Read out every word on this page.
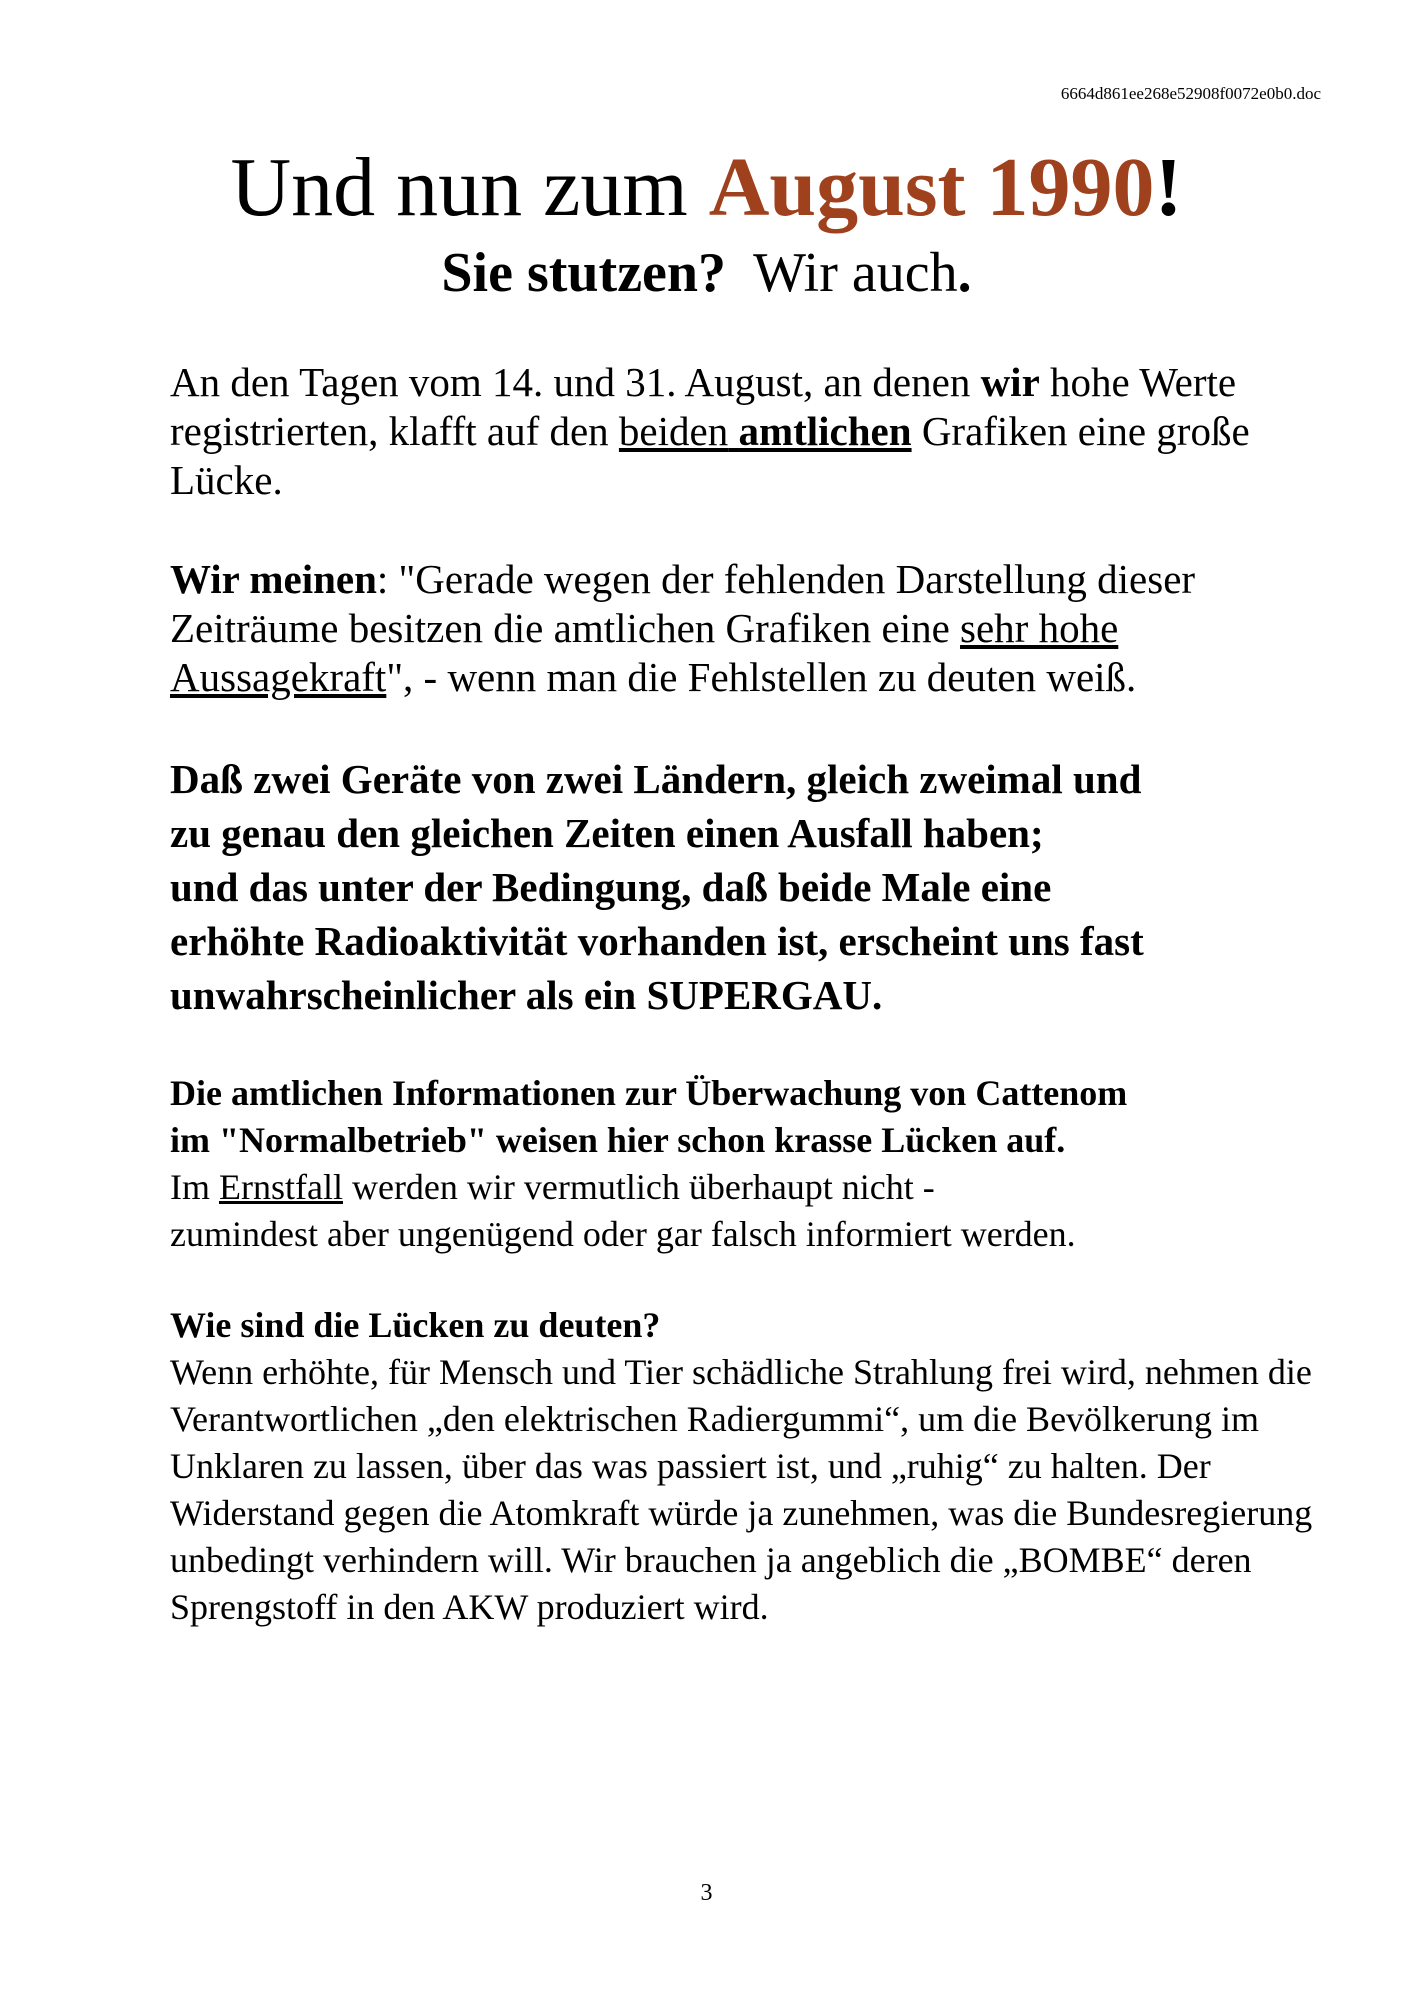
6664d861ee268e52908f0072e0b0.doc
Und nun zum August 1990!
Sie stutzen? Wir auch.

An den Tagen vom 14. und 31. August, an denen wir hohe Werte registrierten, klafft auf den beiden amtlichen Grafiken eine große Lücke.

Wir meinen: "Gerade wegen der fehlenden Darstellung dieser Zeiträume besitzen die amtlichen Grafiken eine sehr hohe Aussagekraft", - wenn man die Fehlstellen zu deuten weiß.

Daß zwei Geräte von zwei Ländern, gleich zweimal und
zu genau den gleichen Zeiten einen Ausfall haben;
und das unter der Bedingung, daß beide Male eine
erhöhte Radioaktivität vorhanden ist, erscheint uns fast
unwahrscheinlicher als ein SUPERGAU.
Die amtlichen Informationen zur Überwachung von Cattenom
im "Normalbetrieb" weisen hier schon krasse Lücken auf.
Im Ernstfall werden wir vermutlich überhaupt nicht -
zumindest aber ungenügend oder gar falsch informiert werden.
Wie sind die Lücken zu deuten?
Wenn erhöhte, für Mensch und Tier schädliche Strahlung frei wird, nehmen die Verantwortlichen „den elektrischen Radiergummi“, um die Bevölkerung im Unklaren zu lassen, über das was passiert ist, und „ruhig“ zu halten. Der Widerstand gegen die Atomkraft würde ja zunehmen, was die Bundesregierung unbedingt verhindern will. Wir brauchen ja angeblich die „BOMBE“ deren Sprengstoff in den AKW produziert wird.
3
